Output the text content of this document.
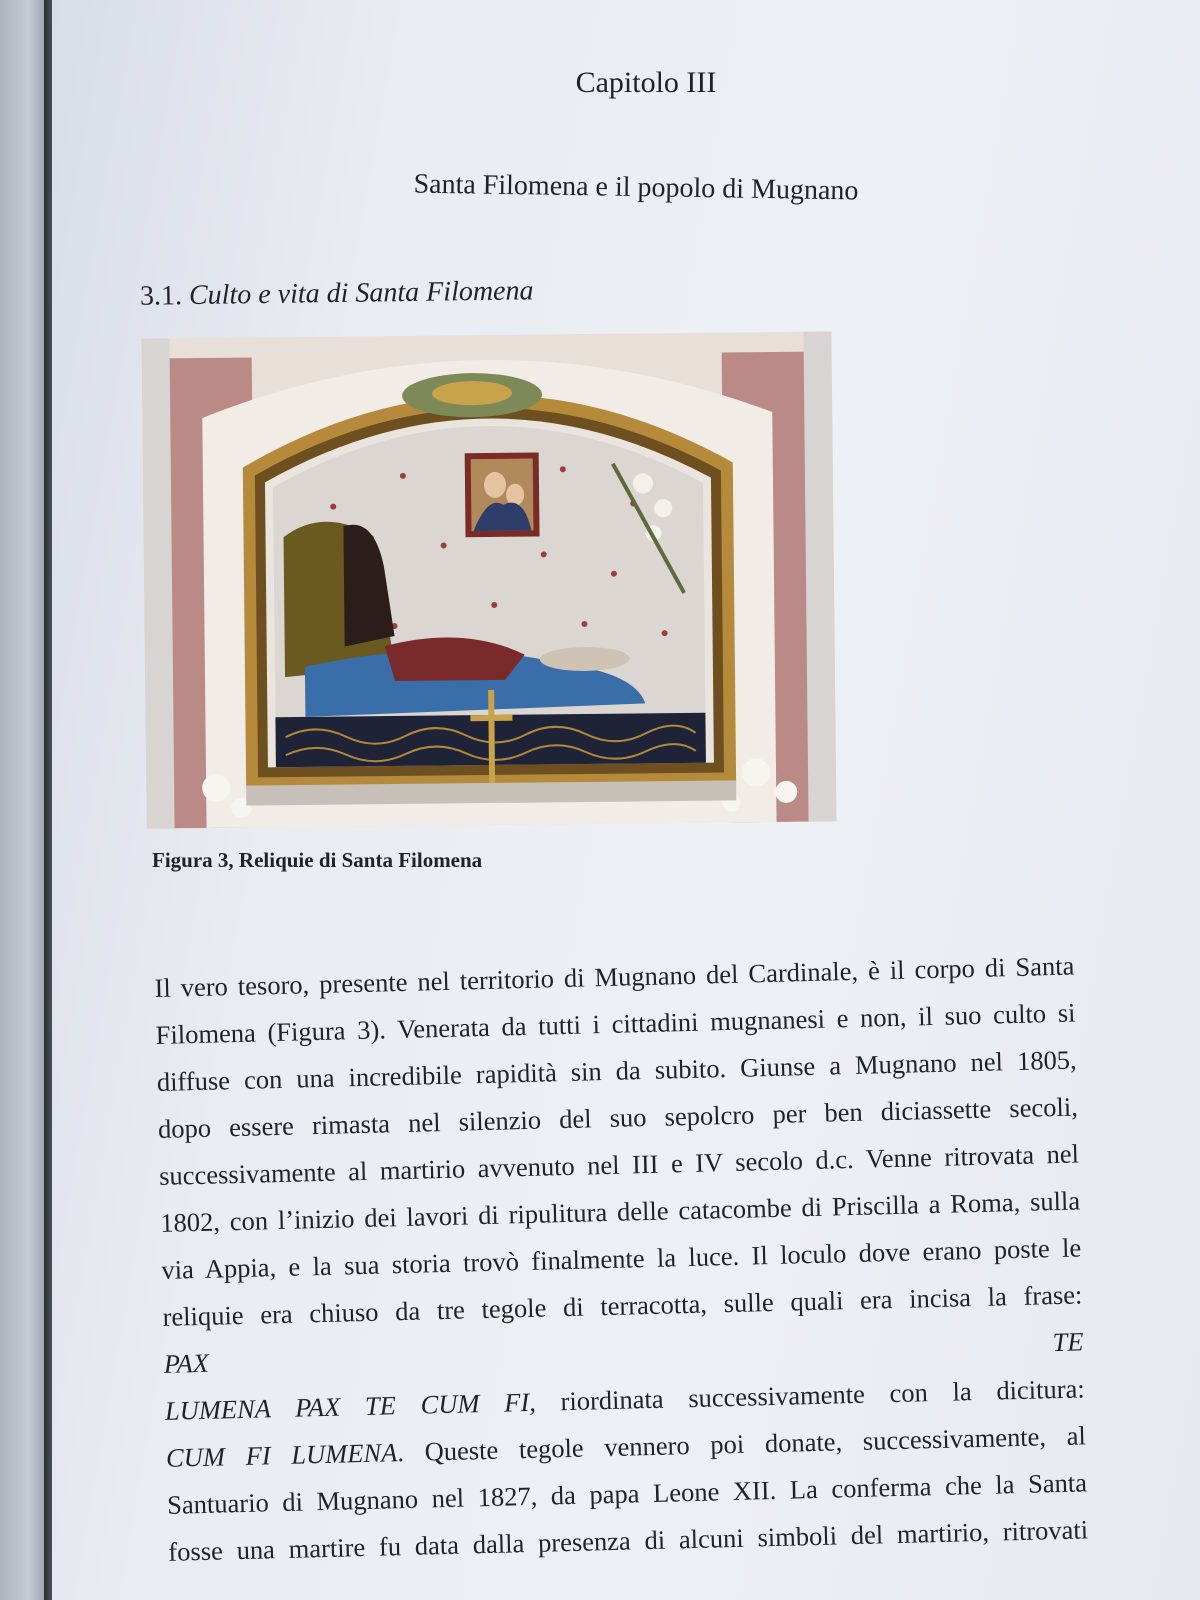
Capitolo III
Santa Filomena e il popolo di Mugnano
3.1. Culto e vita di Santa Filomena
Figura 3, Reliquie di Santa Filomena
Il vero tesoro, presente nel territorio di Mugnano del Cardinale, è il corpo di Santa
Filomena (Figura 3). Venerata da tutti i cittadini mugnanesi e non, il suo culto si
diffuse con una incredibile rapidità sin da subito. Giunse a Mugnano nel 1805,
dopo essere rimasta nel silenzio del suo sepolcro per ben diciassette secoli,
successivamente al martirio avvenuto nel III e IV secolo d.c. Venne ritrovata nel
1802, con l’inizio dei lavori di ripulitura delle catacombe di Priscilla a Roma, sulla
via Appia, e la sua storia trovò finalmente la luce. Il loculo dove erano poste le
reliquie era chiuso da tre tegole di terracotta, sulle quali era incisa la frase:
PAX TE
LUMENA PAX TE CUM FI, riordinata successivamente con la dicitura:
CUM FI LUMENA. Queste tegole vennero poi donate, successivamente, al
Santuario di Mugnano nel 1827, da papa Leone XII. La conferma che la Santa
fosse una martire fu data dalla presenza di alcuni simboli del martirio, ritrovati
